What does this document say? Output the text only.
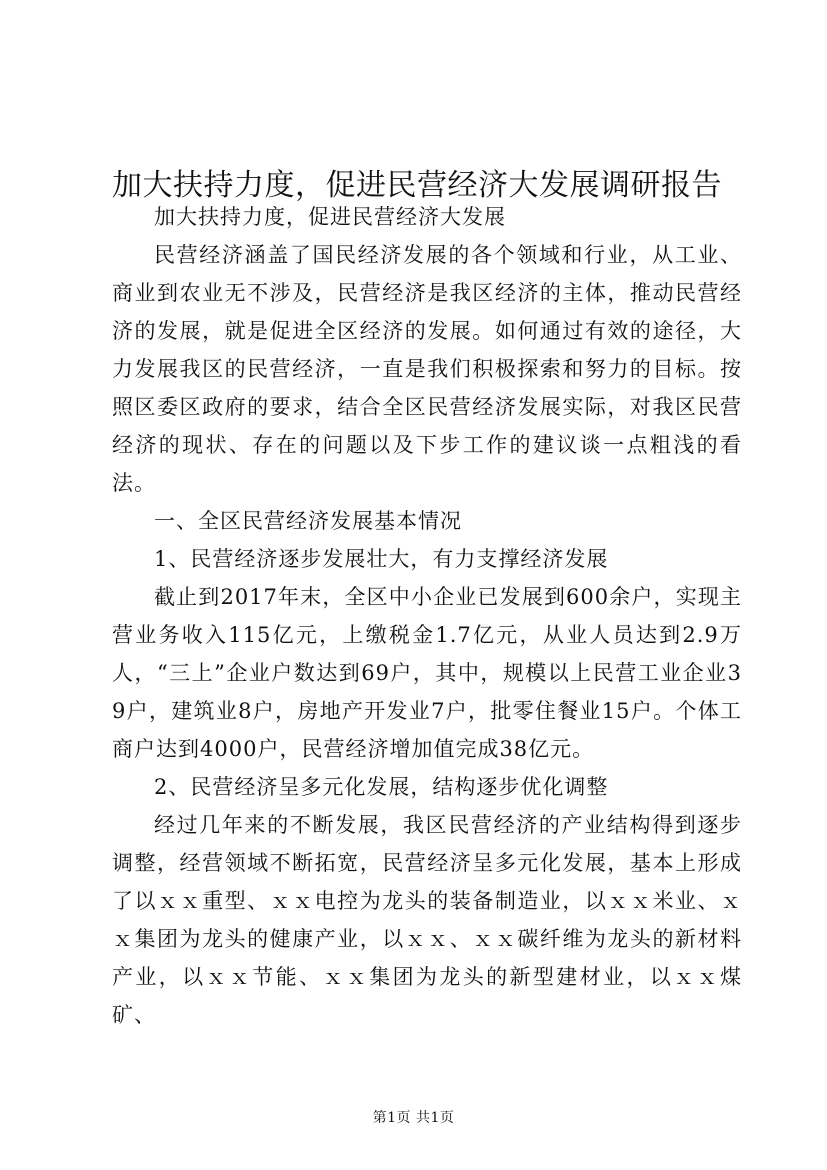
加大扶持力度，促进民营经济大发展调研报告

加大扶持力度，促进民营经济大发展

民营经济涵盖了国民经济发展的各个领域和行业，从工业、商业到农业无不涉及，民营经济是我区经济的主体，推动民营经济的发展，就是促进全区经济的发展。如何通过有效的途径，大力发展我区的民营经济，一直是我们积极探索和努力的目标。按照区委区政府的要求，结合全区民营经济发展实际，对我区民营经济的现状、存在的问题以及下步工作的建议谈一点粗浅的看法。

一、全区民营经济发展基本情况

1、民营经济逐步发展壮大，有力支撑经济发展

截止到2017年末，全区中小企业已发展到600余户，实现主营业务收入115亿元，上缴税金1.7亿元，从业人员达到2.9万人，“三上”企业户数达到69户，其中，规模以上民营工业企业39户，建筑业8户，房地产开发业7户，批零住餐业15户。个体工商户达到4000户，民营经济增加值完成38亿元。

2、民营经济呈多元化发展，结构逐步优化调整

经过几年来的不断发展，我区民营经济的产业结构得到逐步调整，经营领域不断拓宽，民营经济呈多元化发展，基本上形成了以ｘｘ重型、ｘｘ电控为龙头的装备制造业，以ｘｘ米业、ｘｘ集团为龙头的健康产业，以ｘｘ、ｘｘ碳纤维为龙头的新材料产业，以ｘｘ节能、ｘｘ集团为龙头的新型建材业，以ｘｘ煤矿、

第1页 共1页
